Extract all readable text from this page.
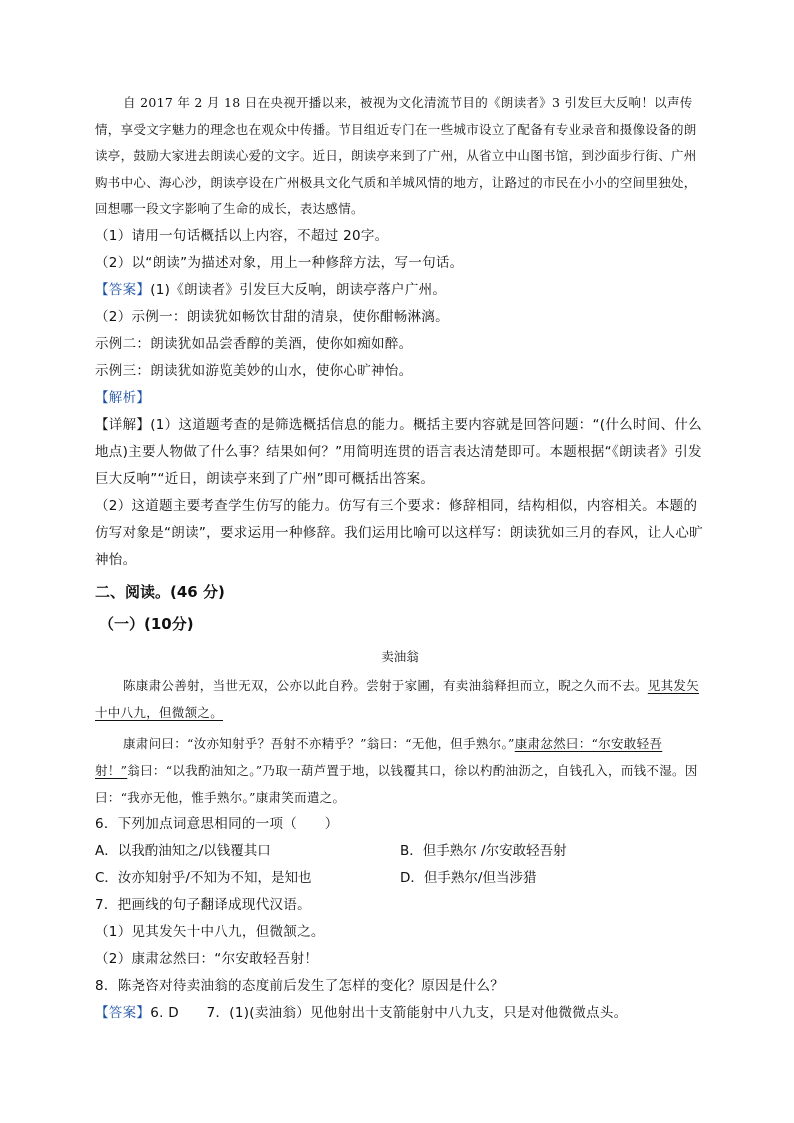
自 2017 年 2 月 18 日在央视开播以来，被视为文化清流节目的《朗读者》3 引发巨大反响！以声传情，享受文字魅力的理念也在观众中传播。节目组近专门在一些城市设立了配备有专业录音和摄像设备的朗读亭，鼓励大家进去朗读心爱的文字。近日，朗读亭来到了广州，从省立中山图书馆，到沙面步行街、广州购书中心、海心沙，朗读亭设在广州极具文化气质和羊城风情的地方，让路过的市民在小小的空间里独处，回想哪一段文字影响了生命的成长，表达感情。

（1）请用一句话概括以上内容，不超过 20字。

（2）以“朗读”为描述对象，用上一种修辞方法，写一句话。

【答案】(1)《朗读者》引发巨大反响，朗读亭落户广州。

（2）示例一：朗读犹如畅饮甘甜的清泉，使你酣畅淋漓。

示例二：朗读犹如品尝香醇的美酒，使你如痴如醉。

示例三：朗读犹如游览美妙的山水，使你心旷神怡。

【解析】

【详解】(1）这道题考查的是筛选概括信息的能力。概括主要内容就是回答问题：“(什么时间、什么地点)主要人物做了什么事？结果如何？”用简明连贯的语言表达清楚即可。本题根据“《朗读者》引发巨大反响”“近日，朗读亭来到了广州”即可概括出答案。

（2）这道题主要考查学生仿写的能力。仿写有三个要求：修辞相同，结构相似，内容相关。本题的仿写对象是“朗读”，要求运用一种修辞。我们运用比喻可以这样写：朗读犹如三月的春风，让人心旷神怡。

二、阅读。(46 分)

（一）(10分)

卖油翁

陈康肃公善射，当世无双，公亦以此自矜。尝射于家圃，有卖油翁释担而立，睨之久而不去。见其发矢十中八九，但微颔之。

康肃问曰：“汝亦知射乎？吾射不亦精乎？”翁曰：“无他，但手熟尔。”康肃忿然曰：“尔安敢轻吾射！”翁曰：“以我酌油知之。”乃取一葫芦置于地，以钱覆其口，徐以杓酌油沥之，自钱孔入，而钱不湿。因曰：“我亦无他，惟手熟尔。”康肃笑而遣之。

6．下列加点词意思相同的一项（　　）

A．以我酌油知之/以钱覆其口	B．但手熟尔 /尔安敢轻吾射
C．汝亦知射乎/不知为不知，是知也	D．但手熟尔/但当涉猎

7．把画线的句子翻译成现代汉语。

（1）见其发矢十中八九，但微颔之。

（2）康肃忿然曰：“尔安敢轻吾射！

8．陈尧咨对待卖油翁的态度前后发生了怎样的变化？原因是什么？

【答案】6. D　　7．(1)(卖油翁）见他射出十支箭能射中八九支，只是对他微微点头。
